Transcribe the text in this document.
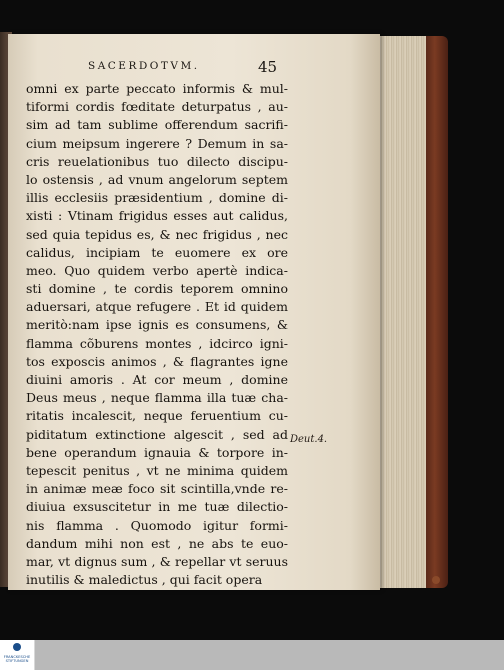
SACERDOTVM.	45
omni ex parte peccato informis & mul-
tiformi cordis fœditate deturpatus , au-
sim ad tam sublime offerendum sacrifi-
cium meipsum ingerere ? Demum in sa-
cris reuelationibus tuo dilecto discipu-
lo ostensis , ad vnum angelorum septem
illis ecclesiis præsidentium , domine di-
xisti : Vtinam frigidus esses aut calidus,
sed quia tepidus es, & nec frigidus , nec
calidus, incipiam te euomere ex ore
meo. Quo quidem verbo apertè indica-
sti domine , te cordis teporem omnino
aduersari, atque refugere . Et id quidem
meritò:nam ipse ignis es consumens, &
flamma cõburens montes , idcirco igni-
tos exposcis animos , & flagrantes igne
diuini amoris . At cor meum , domine
Deus meus , neque flamma illa tuæ cha-
ritatis incalescit, neque feruentium cu-
piditatum extinctione algescit , sed ad
bene operandum ignauia & torpore in-
tepescit penitus , vt ne minima quidem
in animæ meæ foco sit scintilla,vnde re-
diuiua exsuscitetur in me tuæ dilectio-
nis flamma . Quomodo igitur formi-
dandum mihi non est , ne abs te euo-
mar, vt dignus sum , & repellar vt seruus
inutilis & maledictus , qui facit opera
Deut.4.
FRANCKESCHE STIFTUNGEN
